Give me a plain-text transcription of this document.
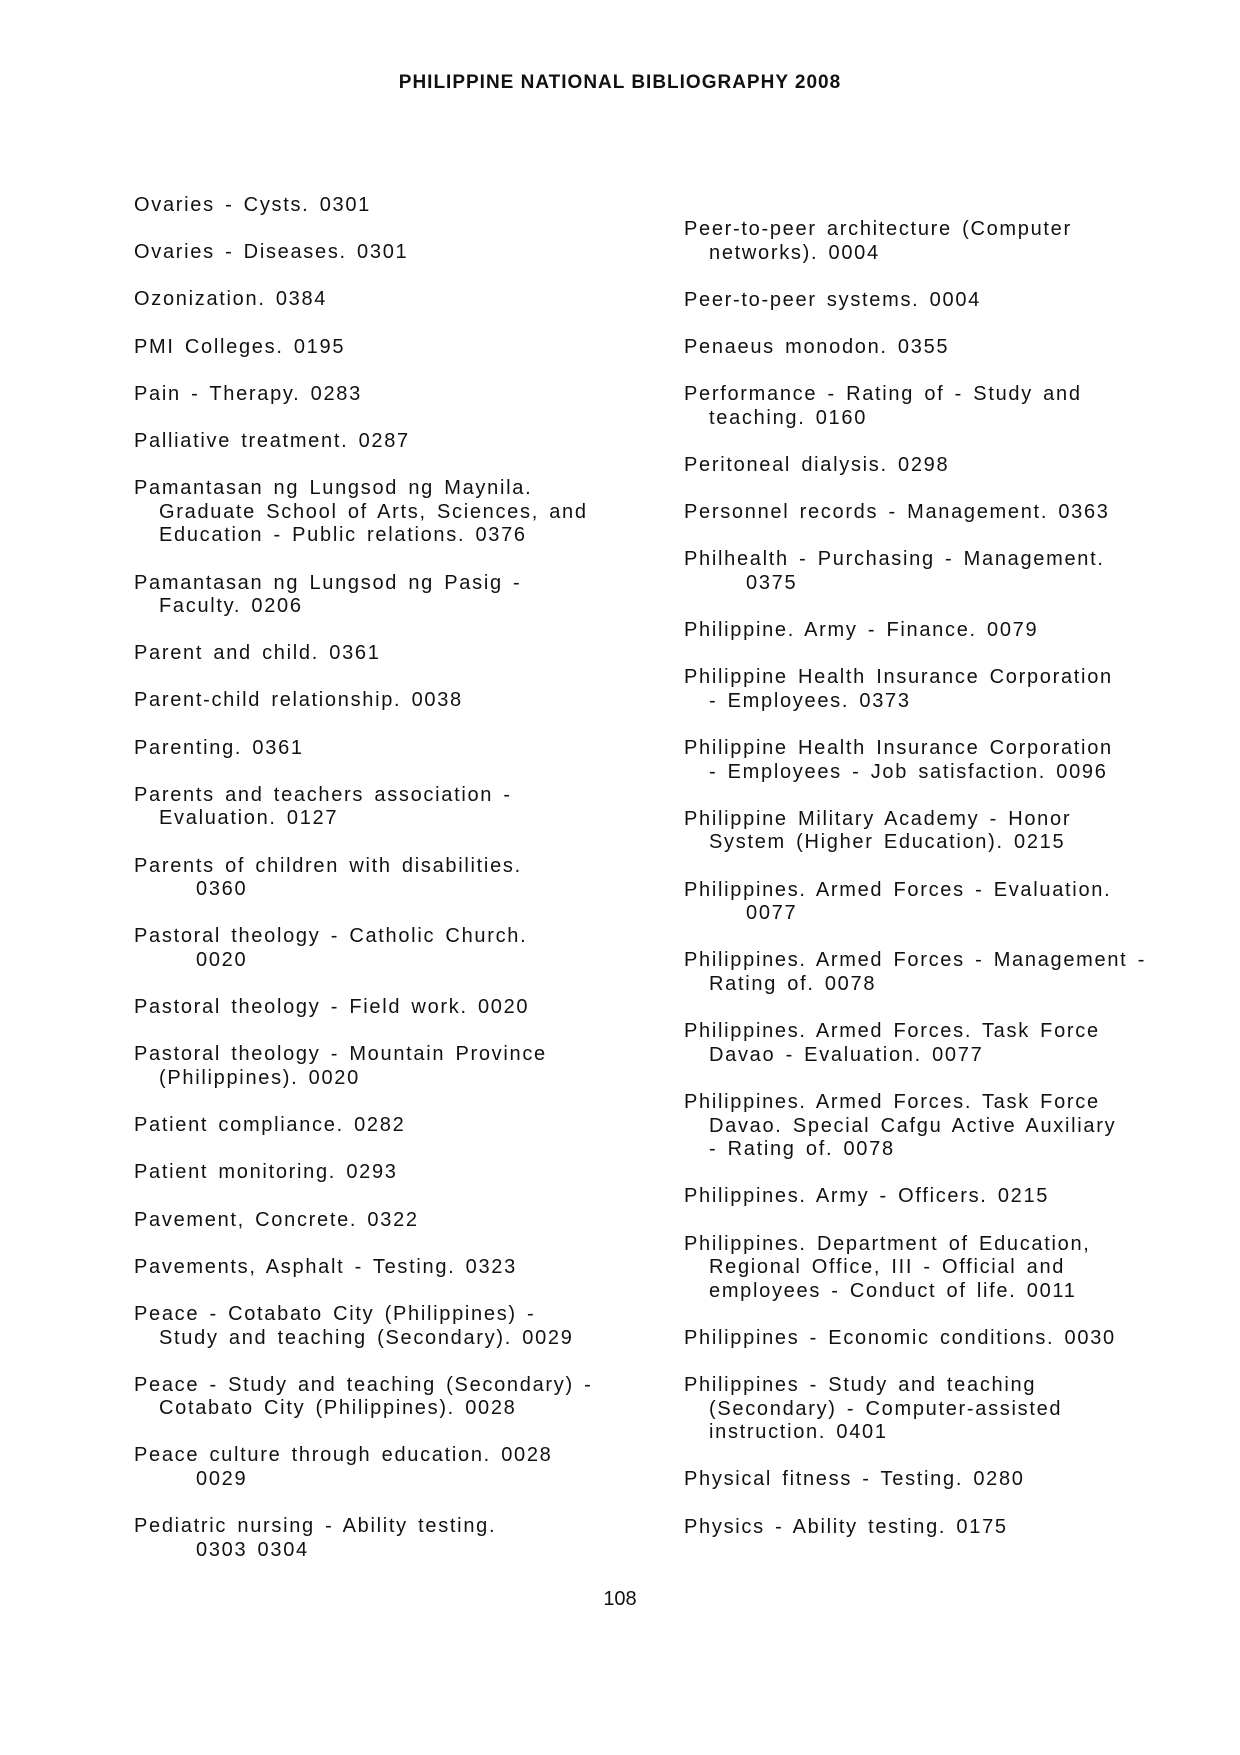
PHILIPPINE NATIONAL BIBLIOGRAPHY 2008
Ovaries - Cysts. 0301
Ovaries - Diseases. 0301
Ozonization. 0384
PMI Colleges. 0195
Pain - Therapy. 0283
Palliative treatment. 0287
Pamantasan ng Lungsod ng Maynila.
Graduate School of Arts, Sciences, and
Education - Public relations. 0376
Pamantasan ng Lungsod ng Pasig -
Faculty. 0206
Parent and child. 0361
Parent-child relationship. 0038
Parenting. 0361
Parents and teachers association -
Evaluation. 0127
Parents of children with disabilities.
0360
Pastoral theology - Catholic Church.
0020
Pastoral theology - Field work. 0020
Pastoral theology - Mountain Province
(Philippines). 0020
Patient compliance. 0282
Patient monitoring. 0293
Pavement, Concrete. 0322
Pavements, Asphalt - Testing. 0323
Peace - Cotabato City (Philippines) -
Study and teaching (Secondary). 0029
Peace - Study and teaching (Secondary) -
Cotabato City (Philippines). 0028
Peace culture through education. 0028
0029
Pediatric nursing - Ability testing.
0303 0304
Peer-to-peer architecture (Computer
networks). 0004
Peer-to-peer systems. 0004
Penaeus monodon. 0355
Performance - Rating of - Study and
teaching. 0160
Peritoneal dialysis. 0298
Personnel records - Management. 0363
Philhealth - Purchasing - Management.
0375
Philippine. Army - Finance. 0079
Philippine Health Insurance Corporation
- Employees. 0373
Philippine Health Insurance Corporation
- Employees - Job satisfaction. 0096
Philippine Military Academy - Honor
System (Higher Education). 0215
Philippines. Armed Forces - Evaluation.
0077
Philippines. Armed Forces - Management -
Rating of. 0078
Philippines. Armed Forces. Task Force
Davao - Evaluation. 0077
Philippines. Armed Forces. Task Force
Davao. Special Cafgu Active Auxiliary
- Rating of. 0078
Philippines. Army - Officers. 0215
Philippines. Department of Education,
Regional Office, III - Official and
employees - Conduct of life. 0011
Philippines - Economic conditions. 0030
Philippines - Study and teaching
(Secondary) - Computer-assisted
instruction. 0401
Physical fitness - Testing. 0280
Physics - Ability testing. 0175
108
